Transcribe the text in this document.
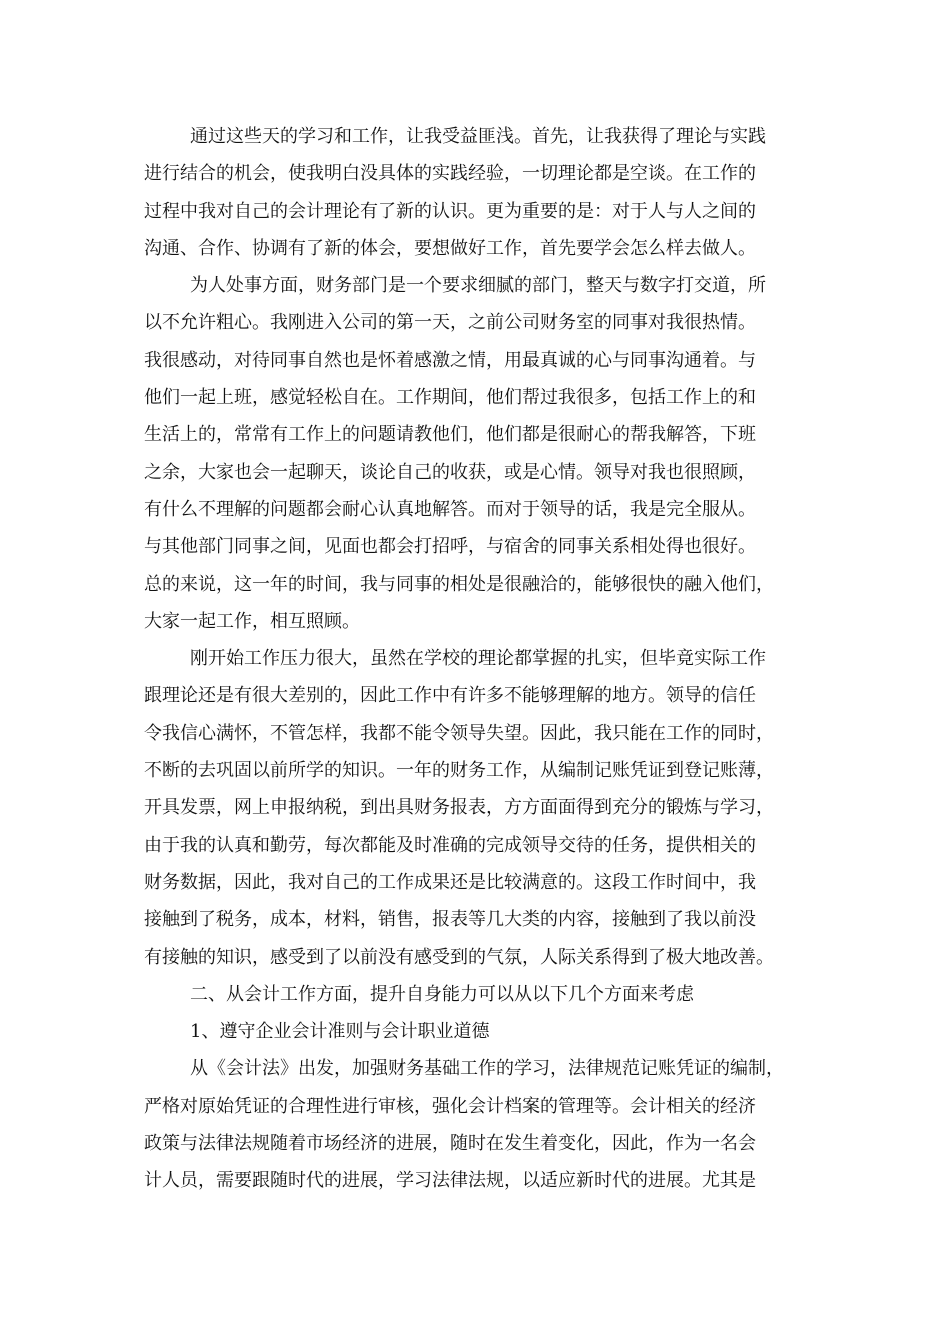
通过这些天的学习和工作，让我受益匪浅。首先，让我获得了理论与实践
进行结合的机会，使我明白没具体的实践经验，一切理论都是空谈。在工作的
过程中我对自己的会计理论有了新的认识。更为重要的是：对于人与人之间的
沟通、合作、协调有了新的体会，要想做好工作，首先要学会怎么样去做人。
为人处事方面，财务部门是一个要求细腻的部门，整天与数字打交道，所
以不允许粗心。我刚进入公司的第一天，之前公司财务室的同事对我很热情。
我很感动，对待同事自然也是怀着感激之情，用最真诚的心与同事沟通着。与
他们一起上班，感觉轻松自在。工作期间，他们帮过我很多，包括工作上的和
生活上的，常常有工作上的问题请教他们，他们都是很耐心的帮我解答，下班
之余，大家也会一起聊天，谈论自己的收获，或是心情。领导对我也很照顾，
有什么不理解的问题都会耐心认真地解答。而对于领导的话，我是完全服从。
与其他部门同事之间，见面也都会打招呼，与宿舍的同事关系相处得也很好。
总的来说，这一年的时间，我与同事的相处是很融洽的，能够很快的融入他们，
大家一起工作，相互照顾。
刚开始工作压力很大，虽然在学校的理论都掌握的扎实，但毕竟实际工作
跟理论还是有很大差别的，因此工作中有许多不能够理解的地方。领导的信任
令我信心满怀，不管怎样，我都不能令领导失望。因此，我只能在工作的同时，
不断的去巩固以前所学的知识。一年的财务工作，从编制记账凭证到登记账薄，
开具发票，网上申报纳税，到出具财务报表，方方面面得到充分的锻炼与学习，
由于我的认真和勤劳，每次都能及时准确的完成领导交待的任务，提供相关的
财务数据，因此，我对自己的工作成果还是比较满意的。这段工作时间中，我
接触到了税务，成本，材料，销售，报表等几大类的内容，接触到了我以前没
有接触的知识，感受到了以前没有感受到的气氛，人际关系得到了极大地改善。
二、从会计工作方面，提升自身能力可以从以下几个方面来考虑
1、遵守企业会计准则与会计职业道德
从《会计法》出发，加强财务基础工作的学习，法律规范记账凭证的编制，
严格对原始凭证的合理性进行审核，强化会计档案的管理等。会计相关的经济
政策与法律法规随着市场经济的进展，随时在发生着变化，因此，作为一名会
计人员，需要跟随时代的进展，学习法律法规，以适应新时代的进展。尤其是
